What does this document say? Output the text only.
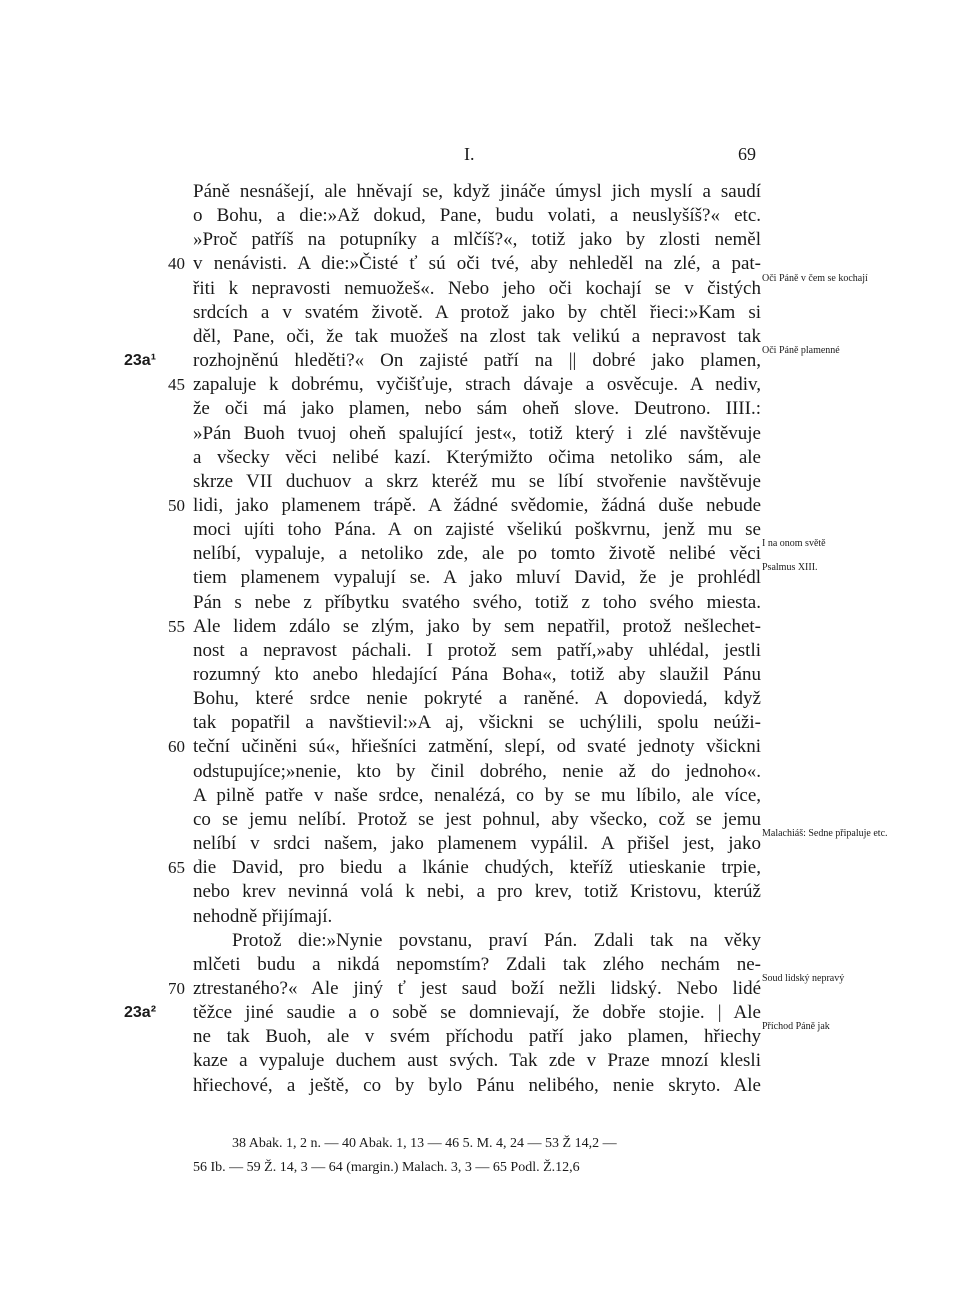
I.	69
Páně nesnášejí, ale hněvají se, když jináče úmysl jich myslí a saudí
o Bohu, a die:»Až dokud, Pane, budu volati, a neuslyšíš?« etc.
»Proč patříš na potupníky a mlčíš?«, totiž jako by zlosti neměl
v nenávisti. A die:»Čisté ť sú oči tvé, aby nehleděl na zlé, a pat-
40
řiti k nepravosti nemuožeš«. Nebo jeho oči kochají se v čistých Oči Páně v čem se kochají
srdcích a v svatém životě. A protož jako by chtěl řieci:»Kam si
děl, Pane, oči, že tak muožeš na zlost tak velikú a nepravost tak
rozhojněnú hleděti?« On zajisté patří na || dobré jako plamen,
23a¹
Oči Páně plamenné
zapaluje k dobrému, vyčišťuje, strach dávaje a osvěcuje. A nediv,
45
že oči má jako plamen, nebo sám oheň slove. Deutrono. IIII.:
»Pán Buoh tvuoj oheň spalující jest«, totiž který i zlé navštěvuje
a všecky věci nelibé kazí. Kterýmižto očima netoliko sám, ale
skrze VII duchuov a skrz kteréž mu se líbí stvořenie navštěvuje
lidi, jako plamenem trápě. A žádné svědomie, žádná duše nebude
50
moci ujíti toho Pána. A on zajisté všelikú poškvrnu, jenž mu se
nelíbí, vypaluje, a netoliko zde, ale po tomto životě nelibé věci I na onom světě
tiem plamenem vypalují se. A jako mluví David, že je prohlédl Psalmus XIII.
Pán s nebe z příbytku svatého svého, totiž z toho svého miesta.
Ale lidem zdálo se zlým, jako by sem nepatřil, protož nešlechet-
55
nost a nepravost páchali. I protož sem patří,»aby uhlédal, jestli
rozumný kto anebo hledající Pána Boha«, totiž aby slaužil Pánu
Bohu, které srdce nenie pokryté a raněné. A dopoviedá, když
tak popatřil a navštievil:»A aj, všickni se uchýlili, spolu neúži-
teční učiněni sú«, hřiešníci zatmění, slepí, od svaté jednoty všickni
60
odstupujíce;»nenie, kto by činil dobrého, nenie až do jednoho«.
A pilně patře v naše srdce, nenalézá, co by se mu líbilo, ale více,
co se jemu nelíbí. Protož se jest pohnul, aby všecko, což se jemu
nelíbí v srdci našem, jako plamenem vypálil. A přišel jest, jako Malachiáš: Sedne připaluje etc.
die David, pro biedu a lkánie chudých, kteříž utieskanie trpie,
65
nebo krev nevinná volá k nebi, a pro krev, totiž Kristovu, kterúž
nehodně přijímají.
Protož die:»Nynie povstanu, praví Pán. Zdali tak na věky
mlčeti budu a nikdá nepomstím? Zdali tak zlého nechám ne-
ztrestaného?« Ale jiný ť jest saud boží nežli lidský. Nebo lidé
70
Soud lidský nepravý
těžce jiné saudie a o sobě se domnievají, že dobře stojie. | Ale
23a²
ne tak Buoh, ale v svém příchodu patří jako plamen, hřiechy Příchod Páně jak
kaze a vypaluje duchem aust svých. Tak zde v Praze mnozí klesli
hřiechové, a ještě, co by bylo Pánu nelibého, nenie skryto. Ale
38 Abak. 1, 2 n. — 40 Abak. 1, 13 — 46 5. M. 4, 24 — 53 Ž 14,2 —
56 Ib. — 59 Ž. 14, 3 — 64 (margin.) Malach. 3, 3 — 65 Podl. Ž.12,6
